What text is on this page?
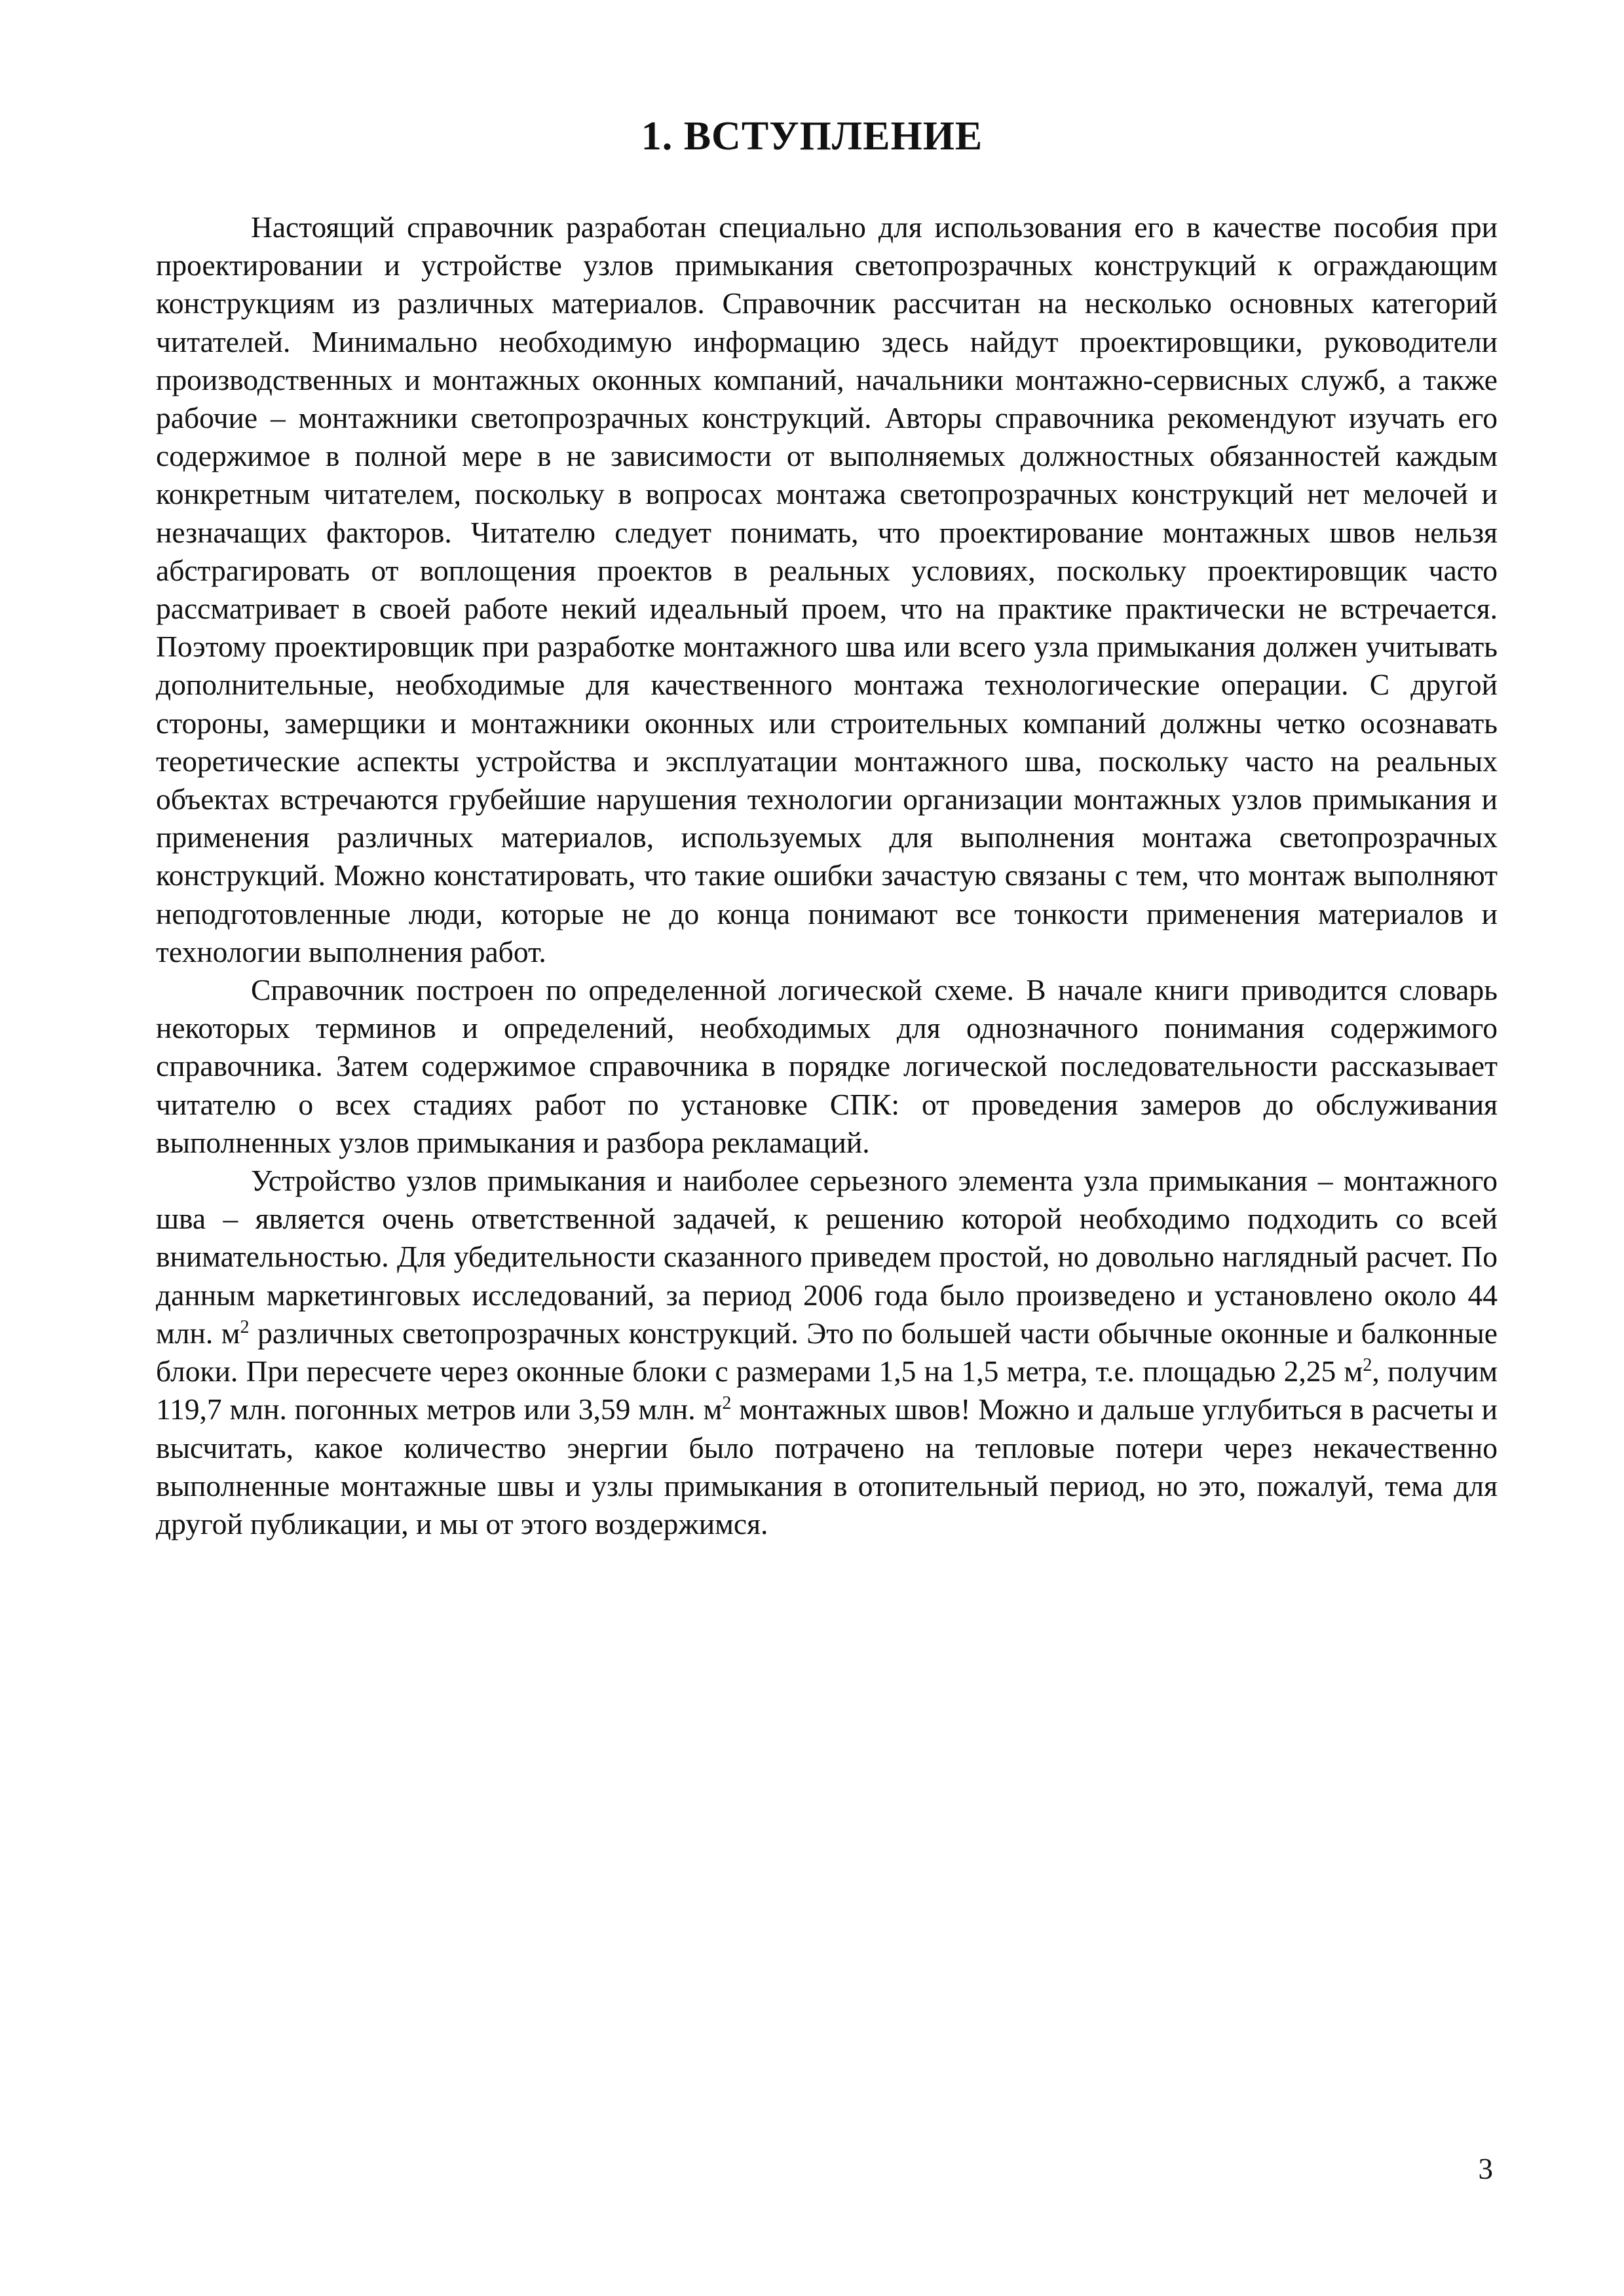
1. ВСТУПЛЕНИЕ

Настоящий справочник разработан специально для использования его в качестве пособия при проектировании и устройстве узлов примыкания светопрозрачных конструкций к ограждающим конструкциям из различных материалов. Справочник рассчитан на несколько основных категорий читателей. Минимально необходимую информацию здесь найдут проектировщики, руководители производственных и монтажных оконных компаний, начальники монтажно-сервисных служб, а также рабочие – монтажники светопрозрачных конструкций. Авторы справочника рекомендуют изучать его содержимое в полной мере в не зависимости от выполняемых должностных обязанностей каждым конкретным читателем, поскольку в вопросах монтажа светопрозрачных конструкций нет мелочей и незначащих факторов. Читателю следует понимать, что проектирование монтажных швов нельзя абстрагировать от воплощения проектов в реальных условиях, поскольку проектировщик часто рассматривает в своей работе некий идеальный проем, что на практике практически не встречается. Поэтому проектировщик при разработке монтажного шва или всего узла примыкания должен учитывать дополнительные, необходимые для качественного монтажа технологические операции. С другой стороны, замерщики и монтажники оконных или строительных компаний должны четко осознавать теоретические аспекты устройства и эксплуатации монтажного шва, поскольку часто на реальных объектах встречаются грубейшие нарушения технологии организации монтажных узлов примыкания и применения различных материалов, используемых для выполнения монтажа светопрозрачных конструкций. Можно констатировать, что такие ошибки зачастую связаны с тем, что монтаж выполняют неподготовленные люди, которые не до конца понимают все тонкости применения материалов и технологии выполнения работ.

Справочник построен по определенной логической схеме. В начале книги приводится словарь некоторых терминов и определений, необходимых для однозначного понимания содержимого справочника. Затем содержимое справочника в порядке логической последовательности рассказывает читателю о всех стадиях работ по установке СПК: от проведения замеров до обслуживания выполненных узлов примыкания и разбора рекламаций.

Устройство узлов примыкания и наиболее серьезного элемента узла примыкания – монтажного шва – является очень ответственной задачей, к решению которой необходимо подходить со всей внимательностью. Для убедительности сказанного приведем простой, но довольно наглядный расчет. По данным маркетинговых исследований, за период 2006 года было произведено и установлено около 44 млн. $м^2$ различных светопрозрачных конструкций. Это по большей части обычные оконные и балконные блоки. При пересчете через оконные блоки с размерами 1,5 на 1,5 метра, т.е. площадью 2,25 $м^2$, получим 119,7 млн. погонных метров или 3,59 млн. $м^2$ монтажных швов! Можно и дальше углубиться в расчеты и высчитать, какое количество энергии было потрачено на тепловые потери через некачественно выполненные монтажные швы и узлы примыкания в отопительный период, но это, пожалуй, тема для другой публикации, и мы от этого воздержимся.

3
